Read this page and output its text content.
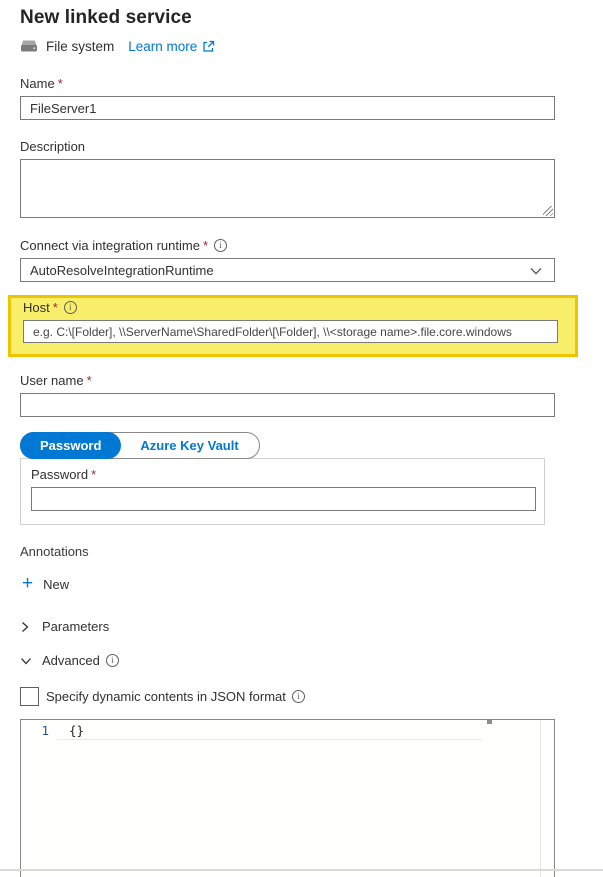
New linked service
File system Learn more
Name *
FileServer1
Description
Connect via integration runtime * i
AutoResolveIntegrationRuntime
Host * i
e.g. C:\[Folder], \\ServerName\SharedFolder\[\Folder], \\<storage name>.file.core.windows
User name *
Password	Azure Key Vault
Password *
Annotations
+ New
Parameters
Advanced	i
Specify dynamic contents in JSON format	i
1	{}
